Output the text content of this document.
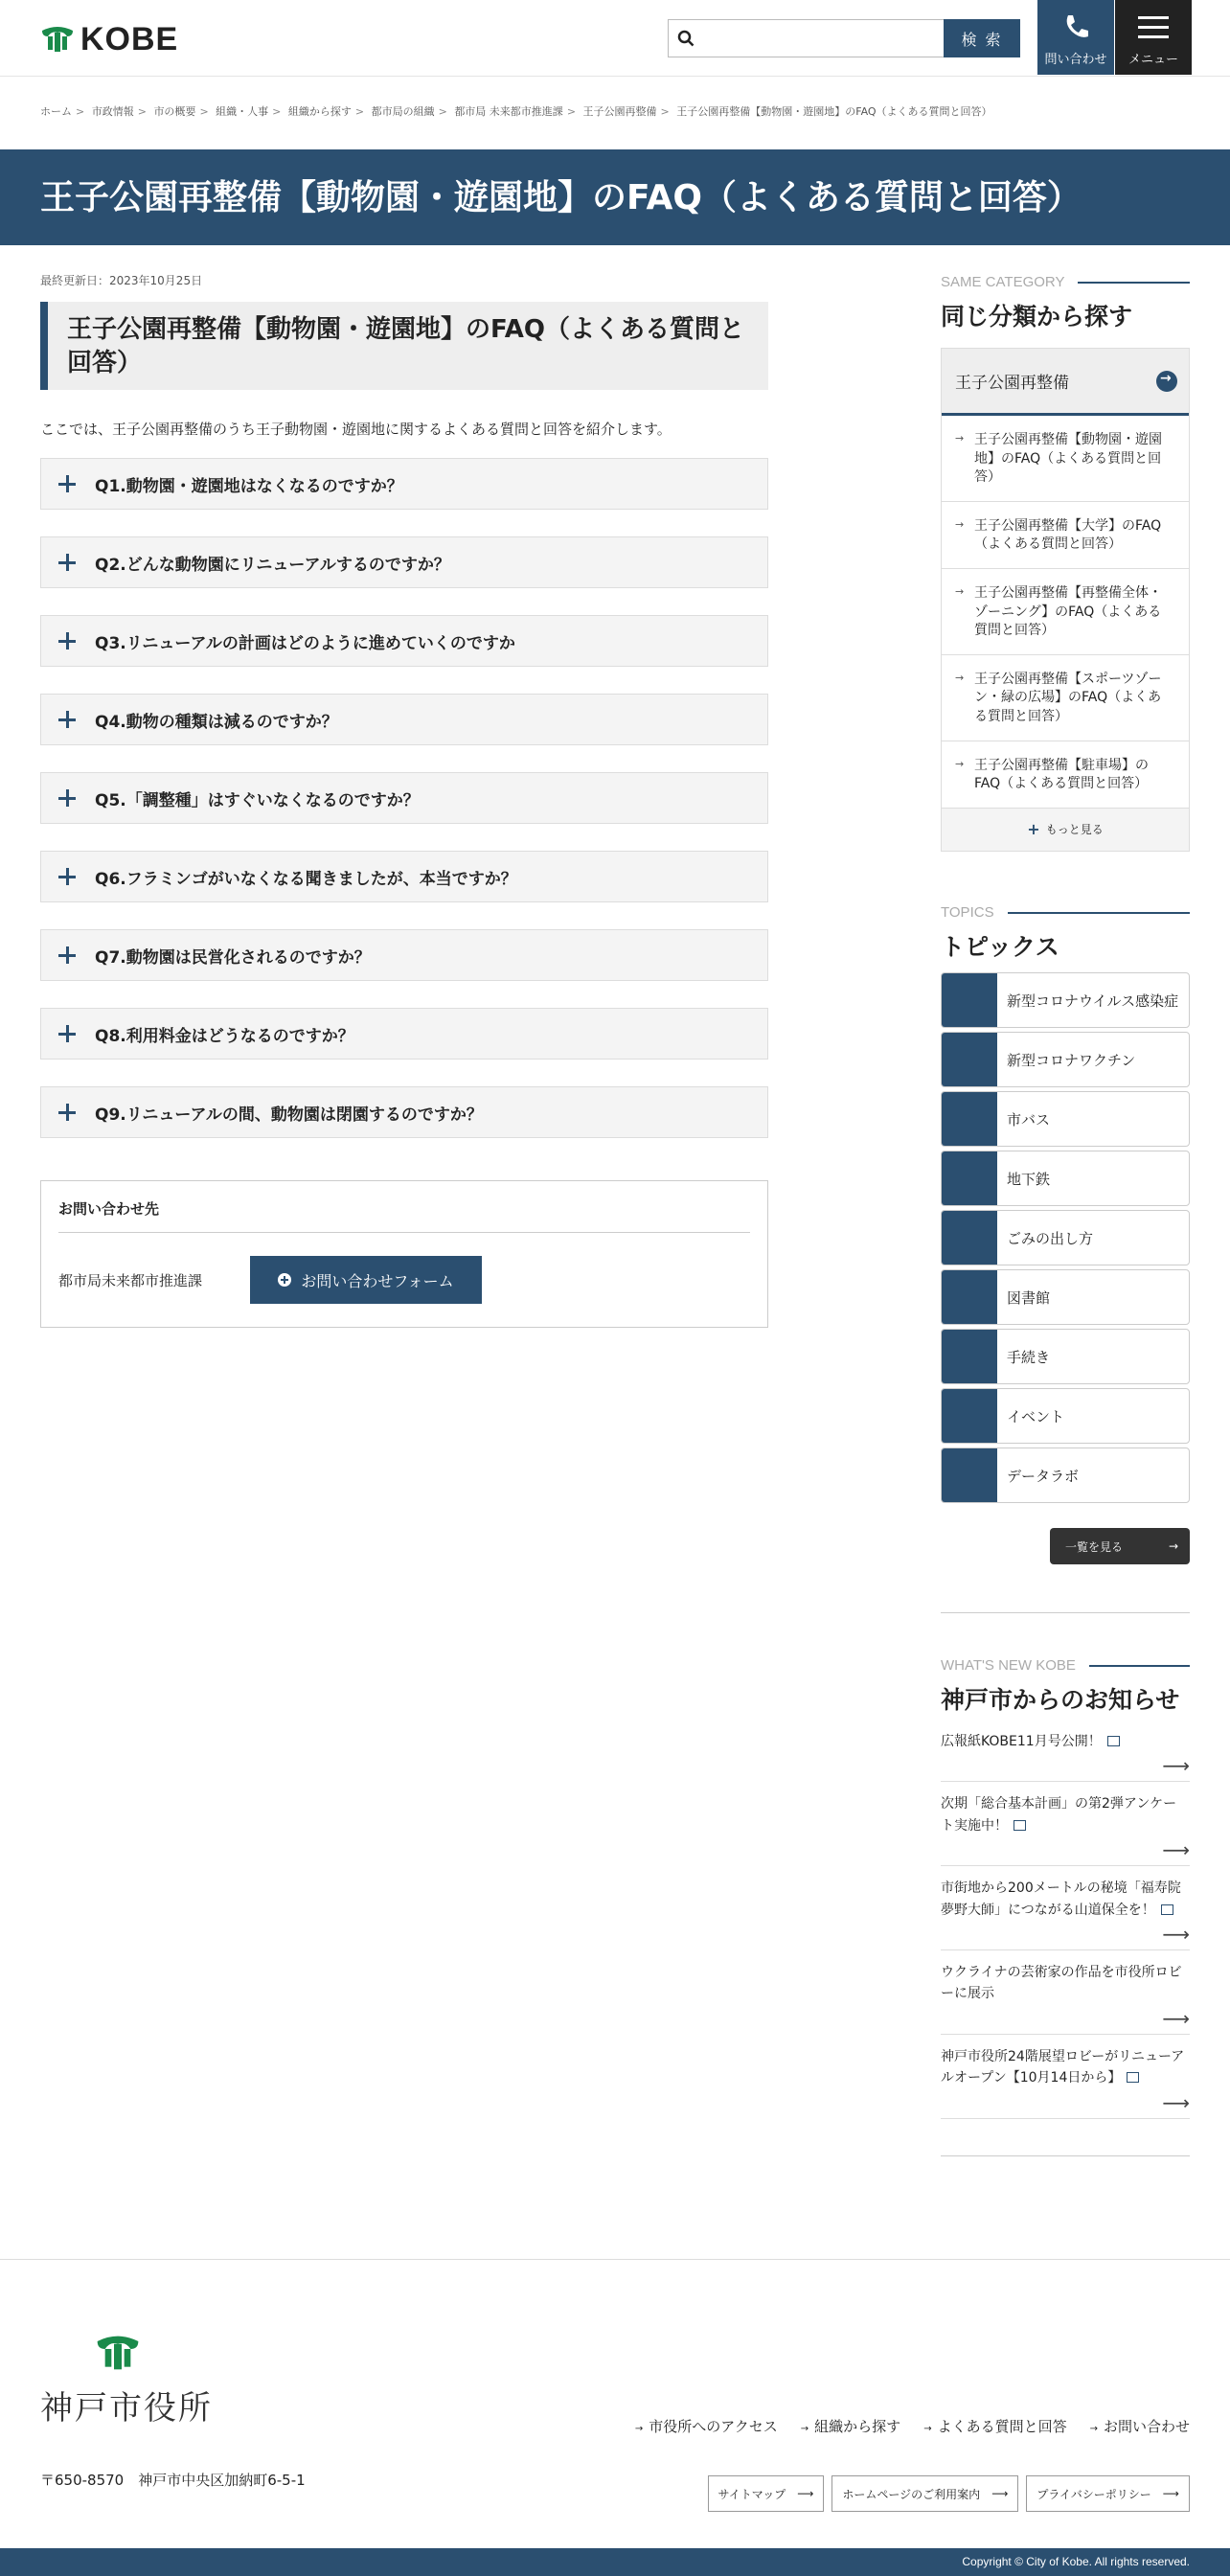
KOBE	検 索
問い合わせ メニュー
ホーム > 市政情報 > 市の概要 > 組織・人事 > 組織から探す > 都市局の組織 > 都市局 未来都市推進課 > 王子公園再整備 > 王子公園再整備【動物園・遊園地】のFAQ（よくある質問と回答）
王子公園再整備【動物園・遊園地】のFAQ（よくある質問と回答）
最終更新日：2023年10月25日
王子公園再整備【動物園・遊園地】のFAQ（よくある質問と回答）

ここでは、王子公園再整備のうち王子動物園・遊園地に関するよくある質問と回答を紹介します。

Q1.動物園・遊園地はなくなるのですか？
Q2.どんな動物園にリニューアルするのですか？
Q3.リニューアルの計画はどのように進めていくのですか
Q4.動物の種類は減るのですか？
Q5.「調整種」はすぐいなくなるのですか？
Q6.フラミンゴがいなくなる聞きましたが、本当ですか？
Q7.動物園は民営化されるのですか？
Q8.利用料金はどうなるのですか？
Q9.リニューアルの間、動物園は閉園するのですか？
お問い合わせ先
都市局未来都市推進課	お問い合わせフォーム
SAME CATEGORY
同じ分類から探す
王子公園再整備
→
→ 王子公園再整備【動物園・遊園地】のFAQ（よくある質問と回答）
→ 王子公園再整備【大学】のFAQ（よくある質問と回答）
→ 王子公園再整備【再整備全体・ゾーニング】のFAQ（よくある質問と回答）
→ 王子公園再整備【スポーツゾーン・緑の広場】のFAQ（よくある質問と回答）
→ 王子公園再整備【駐車場】のFAQ（よくある質問と回答）
+ もっと見る
TOPICS
トピックス
新型コロナウイルス感染症
新型コロナワクチン
市バス
地下鉄
ごみの出し方
図書館
手続き
イベント
データラボ
一覧を見る	→
WHAT'S NEW KOBE
神戸市からのお知らせ
広報紙KOBE11月号公開！
⟶
次期「総合基本計画」の第2弾アンケート実施中！
⟶
市街地から200メートルの秘境「福寿院 夢野大師」につながる山道保全を！
⟶
ウクライナの芸術家の作品を市役所ロビーに展示
⟶
神戸市役所24階展望ロビーがリニューアルオープン【10月14日から】
⟶
神戸市役所	→ 市役所へのアクセス	→ 組織から探す	→ よくある質問と回答	→ お問い合わせ
〒650-8570　神戸市中央区加納町6-5-1
サイトマップ ⟶	ホームページのご利用案内 ⟶	プライバシーポリシー ⟶
Copyright © City of Kobe. All rights reserved.
